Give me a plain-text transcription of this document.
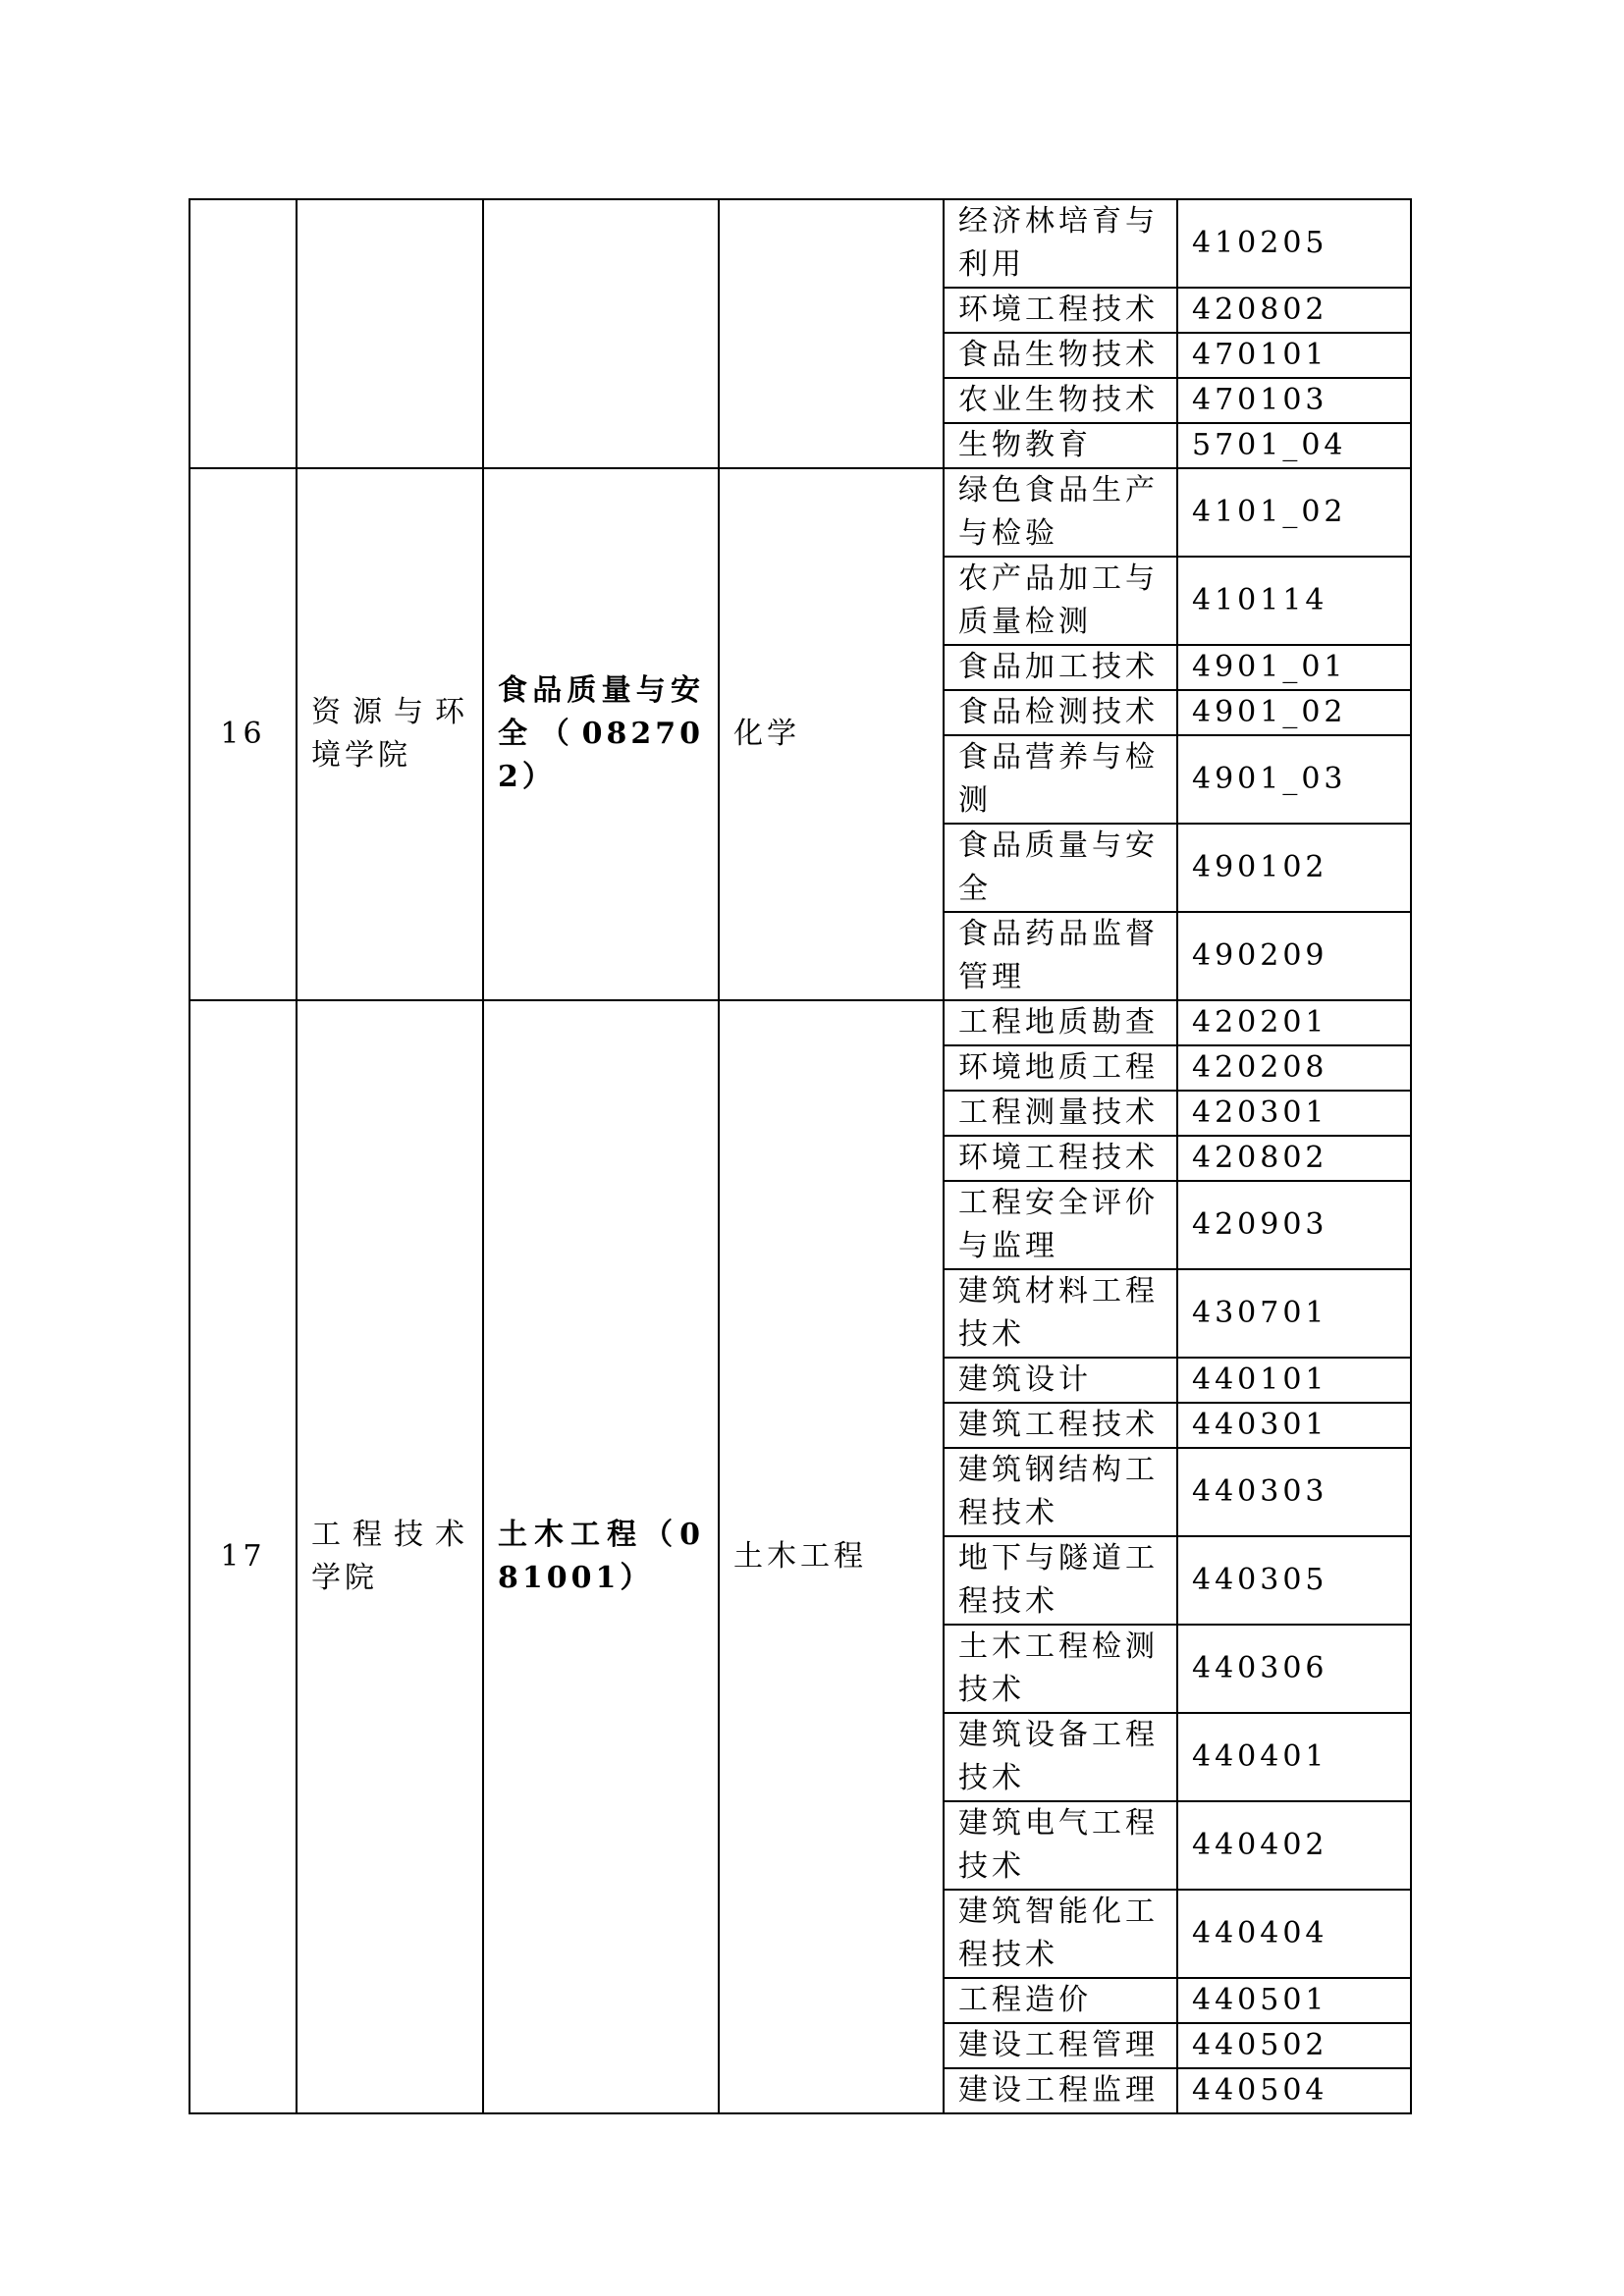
				经济林培育与利用	410205
				环境工程技术	420802
				食品生物技术	470101
				农业生物技术	470103
				生物教育	5701_04
16	资源与环境学院	食品质量与安全（082702）	化学	绿色食品生产与检验	4101_02
				农产品加工与质量检测	410114
				食品加工技术	4901_01
				食品检测技术	4901_02
				食品营养与检测	4901_03
				食品质量与安全	490102
				食品药品监督管理	490209
17	工程技术学院	土木工程（081001）	土木工程	工程地质勘查	420201
				环境地质工程	420208
				工程测量技术	420301
				环境工程技术	420802
				工程安全评价与监理	420903
				建筑材料工程技术	430701
				建筑设计	440101
				建筑工程技术	440301
				建筑钢结构工程技术	440303
				地下与隧道工程技术	440305
				土木工程检测技术	440306
				建筑设备工程技术	440401
				建筑电气工程技术	440402
				建筑智能化工程技术	440404
				工程造价	440501
				建设工程管理	440502
				建设工程监理	440504
